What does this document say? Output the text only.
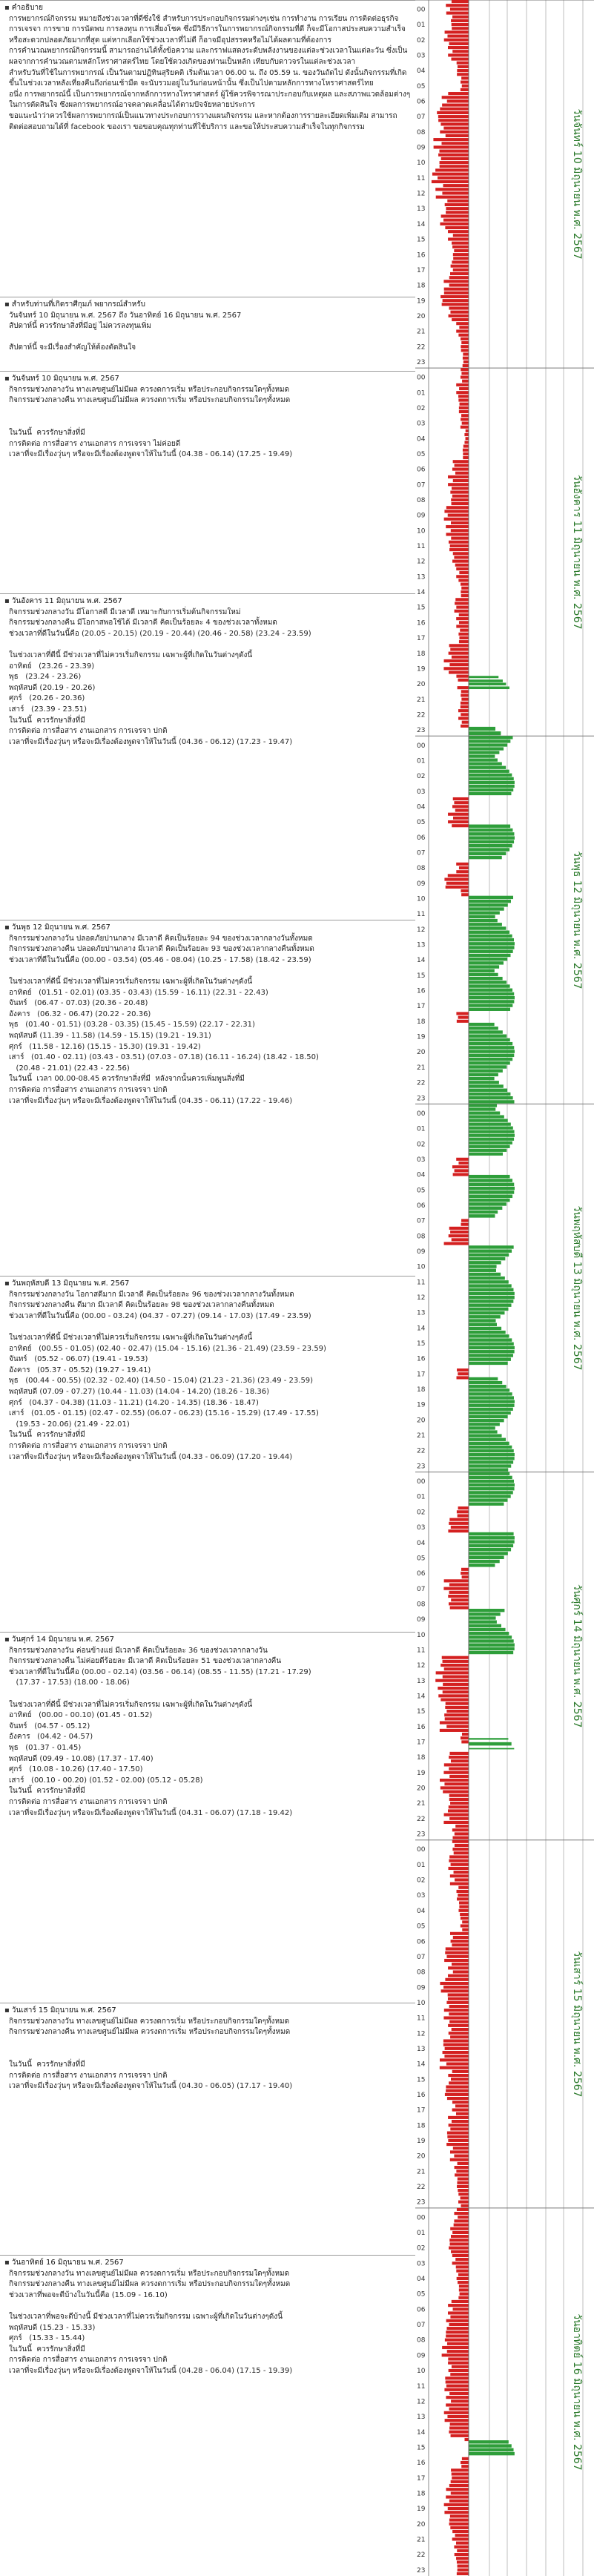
▪ คำอธิบาย

การพยากรณ์กิจกรรม หมายถึงช่วงเวลาที่ดีซึ่งใช้ สำหรับการประกอบกิจกรรมต่างๆเช่น การทำงาน การเรียน การติดต่อธุรกิจ การเจรจา การขาย การนัดพบ การลงทุน การเสี่ยงโชค ซึ่งมีวิธีการในการพยากรณ์กิจกรรมที่ดี ก็จะมีโอกาสประสบความสำเร็จ หรือสะดวกปลอดภัยมากที่สุด แต่หากเลือกใช้ช่วงเวลาที่ไม่ดี ก็อาจมีอุปสรรคหรือไม่ได้ผลตามที่ต้องการ

การคำนวณพยากรณ์กิจกรรมนี้ สามารถอ่านได้ทั้งข้อความ และกราฟแสดงระดับพลังงานของแต่ละช่วงเวลาในแต่ละวัน ซึ่งเป็นผลจากการคำนวณตามหลักโหราศาสตร์ไทย โดยใช้ดวงเกิดของท่านเป็นหลัก เทียบกับดาวจรในแต่ละช่วงเวลา

สำหรับวันที่ใช้ในการพยากรณ์ เป็นวันตามปฏิทินสุริยคติ เริ่มต้นเวลา 06.00 น. ถึง 05.59 น. ของวันถัดไป ดังนั้นกิจกรรมที่เกิดขึ้นในช่วงเวลาหลังเที่ยงคืนถึงก่อนเช้ามืด จะนับรวมอยู่ในวันก่อนหน้านั้น ซึ่งเป็นไปตามหลักการทางโหราศาสตร์ไทย

อนึ่ง การพยากรณ์นี้ เป็นการพยากรณ์จากหลักการทางโหราศาสตร์ ผู้ใช้ควรพิจารณาประกอบกับเหตุผล และสภาพแวดล้อมต่างๆ ในการตัดสินใจ ซึ่งผลการพยากรณ์อาจคลาดเคลื่อนได้ตามปัจจัยหลายประการ

ขอแนะนำว่าควรใช้ผลการพยากรณ์เป็นแนวทางประกอบการวางแผนกิจกรรม และหากต้องการรายละเอียดเพิ่มเติม สามารถติดต่อสอบถามได้ที่ facebook ของเรา ขอขอบคุณทุกท่านที่ใช้บริการ และขอให้ประสบความสำเร็จในทุกกิจกรรม

▪ สำหรับท่านที่เกิดราศีกุมภ์ พยากรณ์สำหรับ

วันจันทร์ 10 มิถุนายน พ.ศ. 2567 ถึง วันอาทิตย์ 16 มิถุนายน พ.ศ. 2567

สัปดาห์นี้ ควรรักษาสิ่งที่มีอยู่ ไม่ควรลงทุนเพิ่ม

สัปดาห์นี้ จะมีเรื่องสำคัญให้ต้องตัดสินใจ

▪ วันจันทร์ 10 มิถุนายน พ.ศ. 2567

กิจกรรมช่วงกลางวัน ทางเลขศูนย์ไม่มีผล ควรงดการเริ่ม หรือประกอบกิจกรรมใดๆทั้งหมด

กิจกรรมช่วงกลางคืน ทางเลขศูนย์ไม่มีผล ควรงดการเริ่ม หรือประกอบกิจกรรมใดๆทั้งหมด

ในวันนี้  ควรรักษาสิ่งที่มี

การติดต่อ การสื่อสาร งานเอกสาร การเจรจา ไม่ค่อยดี

เวลาที่จะมีเรื่องวุ่นๆ หรือจะมีเรื่องต้องพูดจาให้ในวันนี้ (04.38 - 06.14) (17.25 - 19.49)

▪ วันอังคาร 11 มิถุนายน พ.ศ. 2567

กิจกรรมช่วงกลางวัน มีโอกาสดี มีเวลาดี เหมาะกับการเริ่มต้นกิจกรรมใหม่

กิจกรรมช่วงกลางคืน มีโอกาสพอใช้ได้ มีเวลาดี คิดเป็นร้อยละ 4 ของช่วงเวลาทั้งหมด

ช่วงเวลาที่ดีในวันนี้คือ (20.05 - 20.15) (20.19 - 20.44) (20.46 - 20.58) (23.24 - 23.59)

ในช่วงเวลาที่ดีนี้ มีช่วงเวลาที่ไม่ควรเริ่มกิจกรรม เฉพาะผู้ที่เกิดในวันต่างๆดังนี้

อาทิตย์   (23.26 - 23.39)

พุธ   (23.24 - 23.26)

พฤหัสบดี (20.19 - 20.26)

ศุกร์   (20.26 - 20.36)

เสาร์   (23.39 - 23.51)

ในวันนี้  ควรรักษาสิ่งที่มี

การติดต่อ การสื่อสาร งานเอกสาร การเจรจา ปกติ

เวลาที่จะมีเรื่องวุ่นๆ หรือจะมีเรื่องต้องพูดจาให้ในวันนี้ (04.36 - 06.12) (17.23 - 19.47)

▪ วันพุธ 12 มิถุนายน พ.ศ. 2567

กิจกรรมช่วงกลางวัน ปลอดภัยปานกลาง มีเวลาดี คิดเป็นร้อยละ 94 ของช่วงเวลากลางวันทั้งหมด

กิจกรรมช่วงกลางคืน ปลอดภัยปานกลาง มีเวลาดี คิดเป็นร้อยละ 93 ของช่วงเวลากลางคืนทั้งหมด

ช่วงเวลาที่ดีในวันนี้คือ (00.00 - 03.54) (05.46 - 08.04) (10.25 - 17.58) (18.42 - 23.59)

ในช่วงเวลาที่ดีนี้ มีช่วงเวลาที่ไม่ควรเริ่มกิจกรรม เฉพาะผู้ที่เกิดในวันต่างๆดังนี้

อาทิตย์   (01.51 - 02.01) (03.35 - 03.43) (15.59 - 16.11) (22.31 - 22.43)

จันทร์   (06.47 - 07.03) (20.36 - 20.48)

อังคาร   (06.32 - 06.47) (20.22 - 20.36)

พุธ   (01.40 - 01.51) (03.28 - 03.35) (15.45 - 15.59) (22.17 - 22.31)

พฤหัสบดี (11.39 - 11.58) (14.59 - 15.15) (19.21 - 19.31)

ศุกร์   (11.58 - 12.16) (15.15 - 15.30) (19.31 - 19.42)

เสาร์   (01.40 - 02.11) (03.43 - 03.51) (07.03 - 07.18) (16.11 - 16.24) (18.42 - 18.50)

(20.48 - 21.01) (22.43 - 22.56)

ในวันนี้  เวลา 00.00-08.45 ควรรักษาสิ่งที่มี  หลังจากนั้นควรเพิ่มพูนสิ่งที่มี

การติดต่อ การสื่อสาร งานเอกสาร การเจรจา ปกติ

เวลาที่จะมีเรื่องวุ่นๆ หรือจะมีเรื่องต้องพูดจาให้ในวันนี้ (04.35 - 06.11) (17.22 - 19.46)

▪ วันพฤหัสบดี 13 มิถุนายน พ.ศ. 2567

กิจกรรมช่วงกลางวัน โอกาสดีมาก มีเวลาดี คิดเป็นร้อยละ 96 ของช่วงเวลากลางวันทั้งหมด

กิจกรรมช่วงกลางคืน ดีมาก มีเวลาดี คิดเป็นร้อยละ 98 ของช่วงเวลากลางคืนทั้งหมด

ช่วงเวลาที่ดีในวันนี้คือ (00.00 - 03.24) (04.37 - 07.27) (09.14 - 17.03) (17.49 - 23.59)

ในช่วงเวลาที่ดีนี้ มีช่วงเวลาที่ไม่ควรเริ่มกิจกรรม เฉพาะผู้ที่เกิดในวันต่างๆดังนี้

อาทิตย์   (00.55 - 01.05) (02.40 - 02.47) (15.04 - 15.16) (21.36 - 21.49) (23.59 - 23.59)

จันทร์   (05.52 - 06.07) (19.41 - 19.53)

อังคาร   (05.37 - 05.52) (19.27 - 19.41)

พุธ   (00.44 - 00.55) (02.32 - 02.40) (14.50 - 15.04) (21.23 - 21.36) (23.49 - 23.59)

พฤหัสบดี (07.09 - 07.27) (10.44 - 11.03) (14.04 - 14.20) (18.26 - 18.36)

ศุกร์   (04.37 - 04.38) (11.03 - 11.21) (14.20 - 14.35) (18.36 - 18.47)

เสาร์   (01.05 - 01.15) (02.47 - 02.55) (06.07 - 06.23) (15.16 - 15.29) (17.49 - 17.55)

(19.53 - 20.06) (21.49 - 22.01)

ในวันนี้  ควรรักษาสิ่งที่มี

การติดต่อ การสื่อสาร งานเอกสาร การเจรจา ปกติ

เวลาที่จะมีเรื่องวุ่นๆ หรือจะมีเรื่องต้องพูดจาให้ในวันนี้ (04.33 - 06.09) (17.20 - 19.44)

▪ วันศุกร์ 14 มิถุนายน พ.ศ. 2567

กิจกรรมช่วงกลางวัน ค่อนข้างแย่ มีเวลาดี คิดเป็นร้อยละ 36 ของช่วงเวลากลางวัน

กิจกรรมช่วงกลางคืน ไม่ค่อยดีร้อยละ มีเวลาดี คิดเป็นร้อยละ 51 ของช่วงเวลากลางคืน

ช่วงเวลาที่ดีในวันนี้คือ (00.00 - 02.14) (03.56 - 06.14) (08.55 - 11.55) (17.21 - 17.29)

(17.37 - 17.53) (18.00 - 18.06)

ในช่วงเวลาที่ดีนี้ มีช่วงเวลาที่ไม่ควรเริ่มกิจกรรม เฉพาะผู้ที่เกิดในวันต่างๆดังนี้

อาทิตย์   (00.00 - 00.10) (01.45 - 01.52)

จันทร์   (04.57 - 05.12)

อังคาร   (04.42 - 04.57)

พุธ   (01.37 - 01.45)

พฤหัสบดี (09.49 - 10.08) (17.37 - 17.40)

ศุกร์   (10.08 - 10.26) (17.40 - 17.50)

เสาร์   (00.10 - 00.20) (01.52 - 02.00) (05.12 - 05.28)

ในวันนี้  ควรรักษาสิ่งที่มี

การติดต่อ การสื่อสาร งานเอกสาร การเจรจา ปกติ

เวลาที่จะมีเรื่องวุ่นๆ หรือจะมีเรื่องต้องพูดจาให้ในวันนี้ (04.31 - 06.07) (17.18 - 19.42)

▪ วันเสาร์ 15 มิถุนายน พ.ศ. 2567

กิจกรรมช่วงกลางวัน ทางเลขศูนย์ไม่มีผล ควรงดการเริ่ม หรือประกอบกิจกรรมใดๆทั้งหมด

กิจกรรมช่วงกลางคืน ทางเลขศูนย์ไม่มีผล ควรงดการเริ่ม หรือประกอบกิจกรรมใดๆทั้งหมด

ในวันนี้  ควรรักษาสิ่งที่มี

การติดต่อ การสื่อสาร งานเอกสาร การเจรจา ปกติ

เวลาที่จะมีเรื่องวุ่นๆ หรือจะมีเรื่องต้องพูดจาให้ในวันนี้ (04.30 - 06.05) (17.17 - 19.40)

▪ วันอาทิตย์ 16 มิถุนายน พ.ศ. 2567

กิจกรรมช่วงกลางวัน ทางเลขศูนย์ไม่มีผล ควรงดการเริ่ม หรือประกอบกิจกรรมใดๆทั้งหมด

กิจกรรมช่วงกลางคืน ทางเลขศูนย์ไม่มีผล ควรงดการเริ่ม หรือประกอบกิจกรรมใดๆทั้งหมด

ช่วงเวลาที่พอจะดีบ้างในวันนี้คือ (15.09 - 16.10)

ในช่วงเวลาที่พอจะดีบ้างนี้ มีช่วงเวลาที่ไม่ควรเริ่มกิจกรรม เฉพาะผู้ที่เกิดในวันต่างๆดังนี้

พฤหัสบดี (15.23 - 15.33)

ศุกร์   (15.33 - 15.44)

ในวันนี้  ควรรักษาสิ่งที่มี

การติดต่อ การสื่อสาร งานเอกสาร การเจรจา ปกติ

เวลาที่จะมีเรื่องวุ่นๆ หรือจะมีเรื่องต้องพูดจาให้ในวันนี้ (04.28 - 06.04) (17.15 - 19.39)

00
01
02
03
04
05
06
07
08
09
10
11
12
13
14
15
16
17
18
19
20
21
22
23
วันจันทร์ 10 มิถุนายน พ.ศ. 2567
00
01
02
03
04
05
06
07
08
09
10
11
12
13
14
15
16
17
18
19
20
21
22
23
วันอังคาร 11 มิถุนายน พ.ศ. 2567
00
01
02
03
04
05
06
07
08
09
10
11
12
13
14
15
16
17
18
19
20
21
22
23
วันพุธ 12 มิถุนายน พ.ศ. 2567
00
01
02
03
04
05
06
07
08
09
10
11
12
13
14
15
16
17
18
19
20
21
22
23
วันพฤหัสบดี 13 มิถุนายน พ.ศ. 2567
00
01
02
03
04
05
06
07
08
09
10
11
12
13
14
15
16
17
18
19
20
21
22
23
วันศุกร์ 14 มิถุนายน พ.ศ. 2567
00
01
02
03
04
05
06
07
08
09
10
11
12
13
14
15
16
17
18
19
20
21
22
23
วันเสาร์ 15 มิถุนายน พ.ศ. 2567
00
01
02
03
04
05
06
07
08
09
10
11
12
13
14
15
16
17
18
19
20
21
22
23
วันอาทิตย์ 16 มิถุนายน พ.ศ. 2567
